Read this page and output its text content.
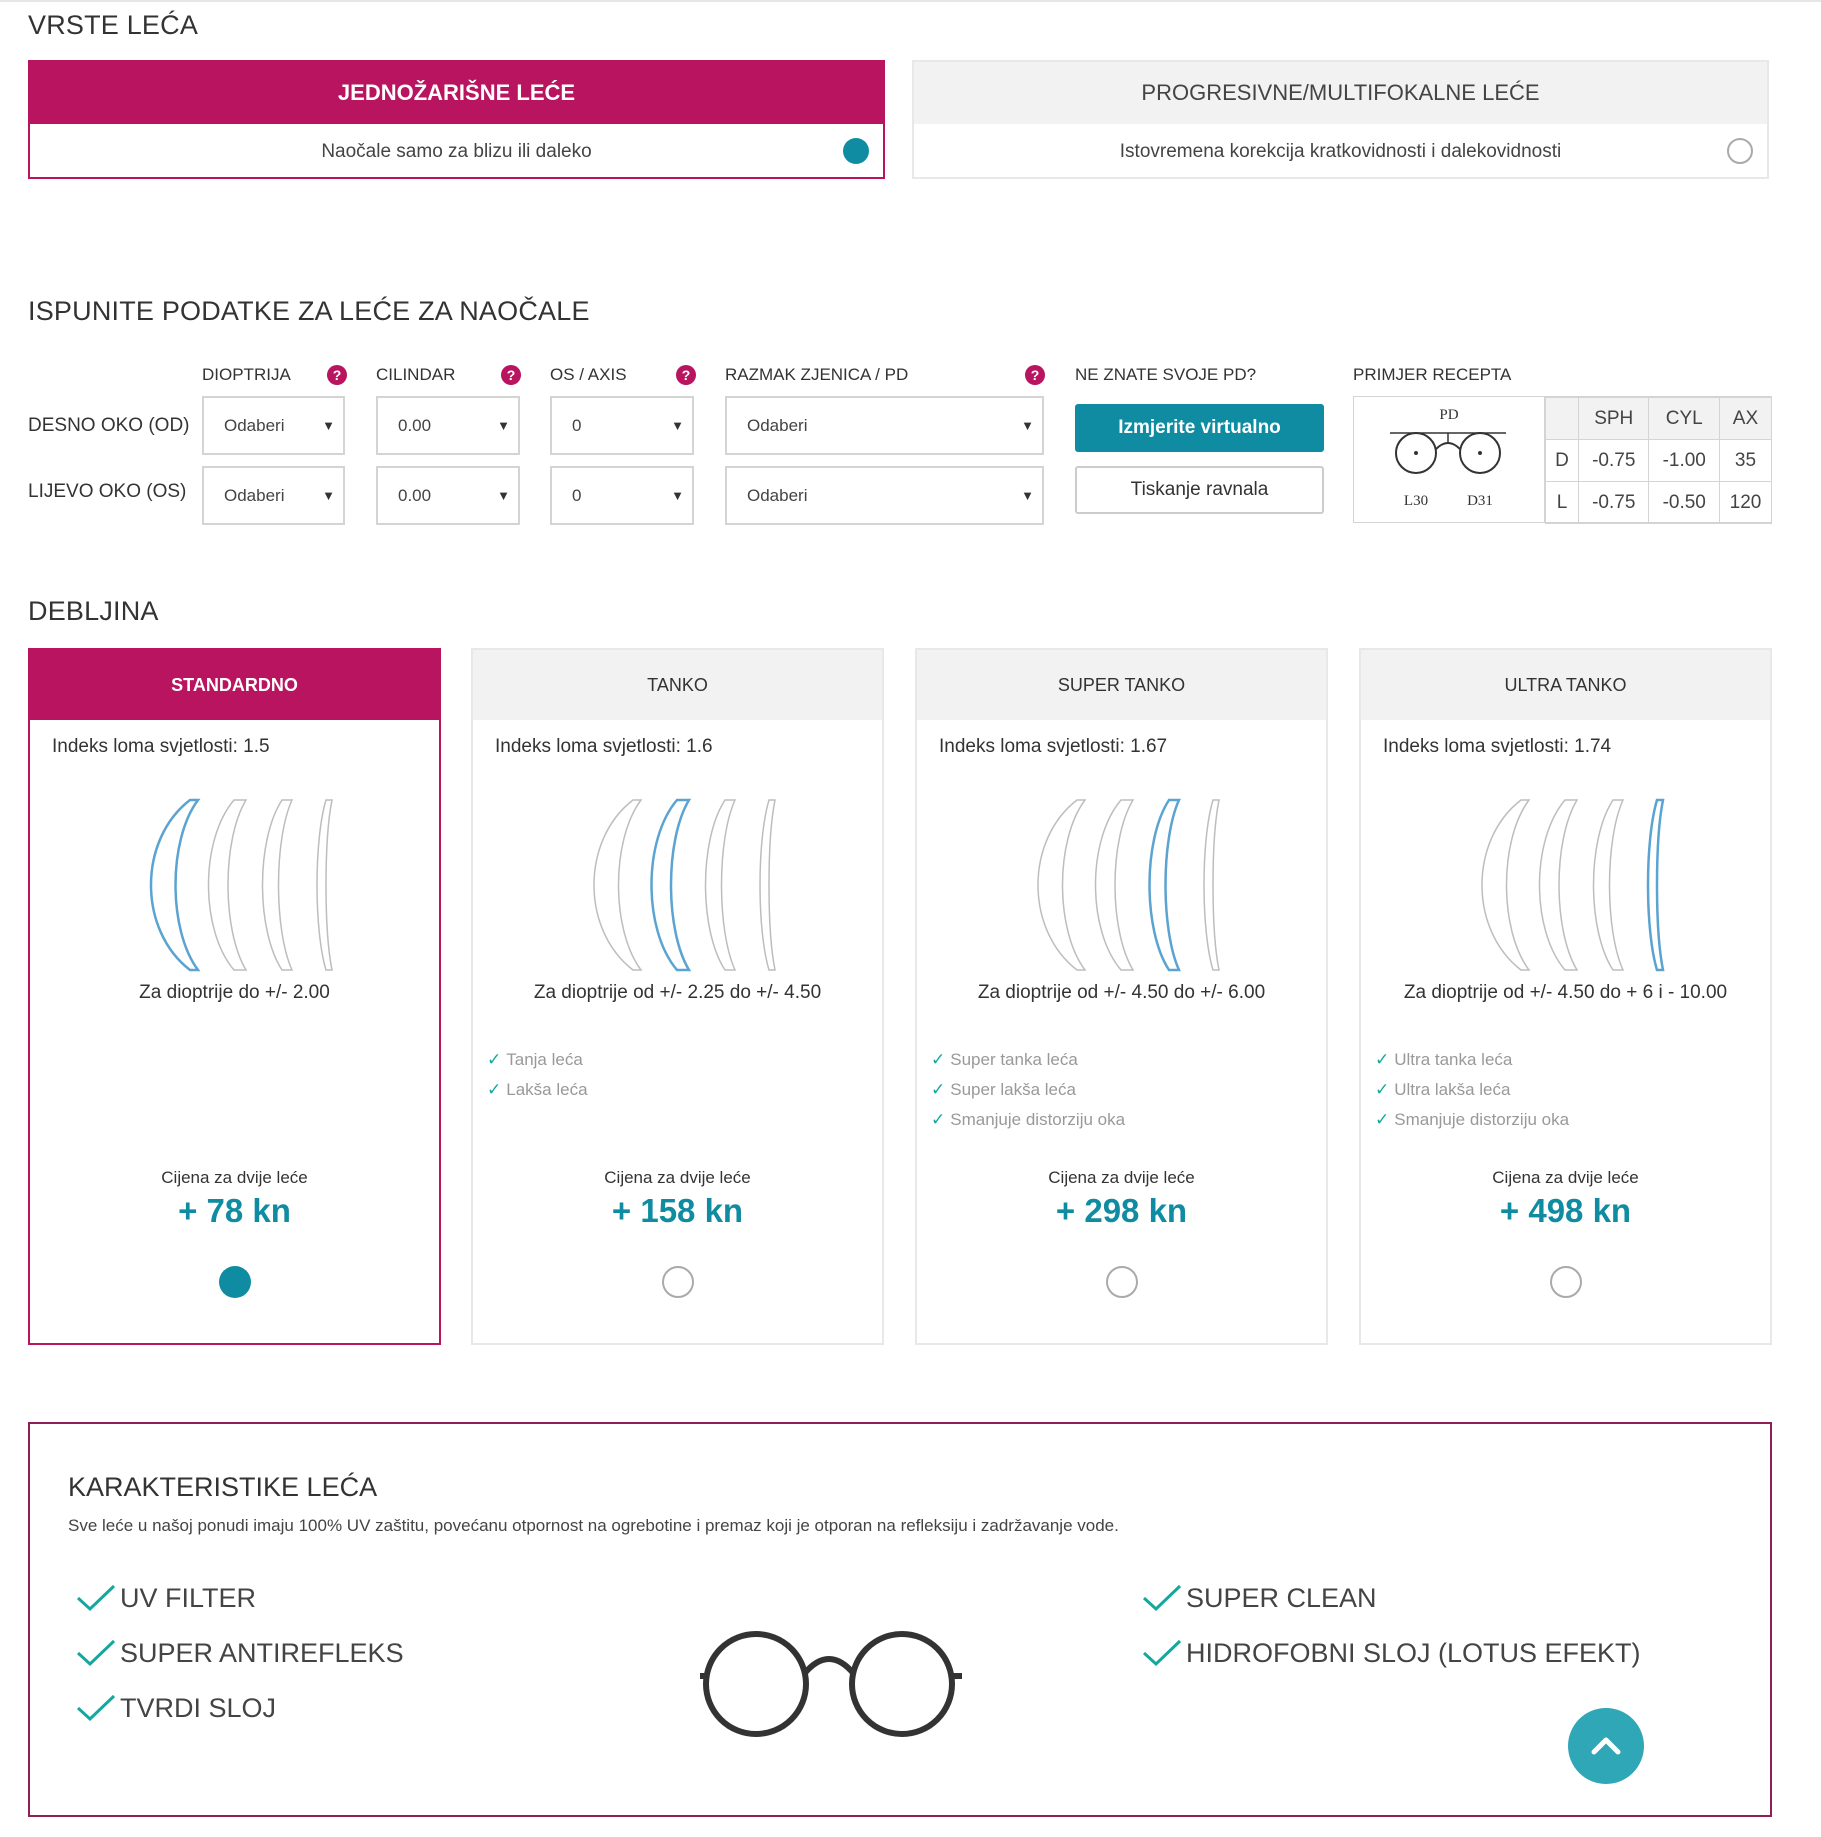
VRSTE LEĆA
JEDNOŽARIŠNE LEĆE
Naočale samo za blizu ili daleko
PROGRESIVNE/MULTIFOKALNE LEĆE
Istovremena korekcija kratkovidnosti i dalekovidnosti
ISPUNITE PODATKE ZA LEĆE ZA NAOČALE
DIOPTRIJA	?	CILINDAR	?	OS / AXIS	?	RAZMAK ZJENICA / PD	?	NE ZNATE SVOJE PD?	PRIMJER RECEPTA
DESNO OKO (OD)
LIJEVO OKO (OS)
Odaberi	▼	0.00	▼	0	▼	Odaberi	▼
Odaberi	▼	0.00	▼	0	▼	Odaberi	▼
Izmjerite virtualno
Tiskanje ravnala
PD
L30	D31
	SPH	CYL	AX
D	-0.75	-1.00	35
L	-0.75	-0.50	120
DEBLJINA
STANDARDNO
Indeks loma svjetlosti: 1.5
Za dioptrije do +/- 2.00
Cijena za dvije leće
+ 78 kn
TANKO
Indeks loma svjetlosti: 1.6
Za dioptrije od +/- 2.25 do +/- 4.50
✓ Tanja leća
✓ Lakša leća
Cijena za dvije leće
+ 158 kn
SUPER TANKO
Indeks loma svjetlosti: 1.67
Za dioptrije od +/- 4.50 do +/- 6.00
✓ Super tanka leća
✓ Super lakša leća
✓ Smanjuje distorziju oka
Cijena za dvije leće
+ 298 kn
ULTRA TANKO
Indeks loma svjetlosti: 1.74
Za dioptrije od +/- 4.50 do + 6 i - 10.00
✓ Ultra tanka leća
✓ Ultra lakša leća
✓ Smanjuje distorziju oka
Cijena za dvije leće
+ 498 kn
KARAKTERISTIKE LEĆA
Sve leće u našoj ponudi imaju 100% UV zaštitu, povećanu otpornost na ogrebotine i premaz koji je otporan na refleksiju i zadržavanje vode.
UV FILTER
SUPER ANTIREFLEKS
TVRDI SLOJ
SUPER CLEAN
HIDROFOBNI SLOJ (LOTUS EFEKT)
